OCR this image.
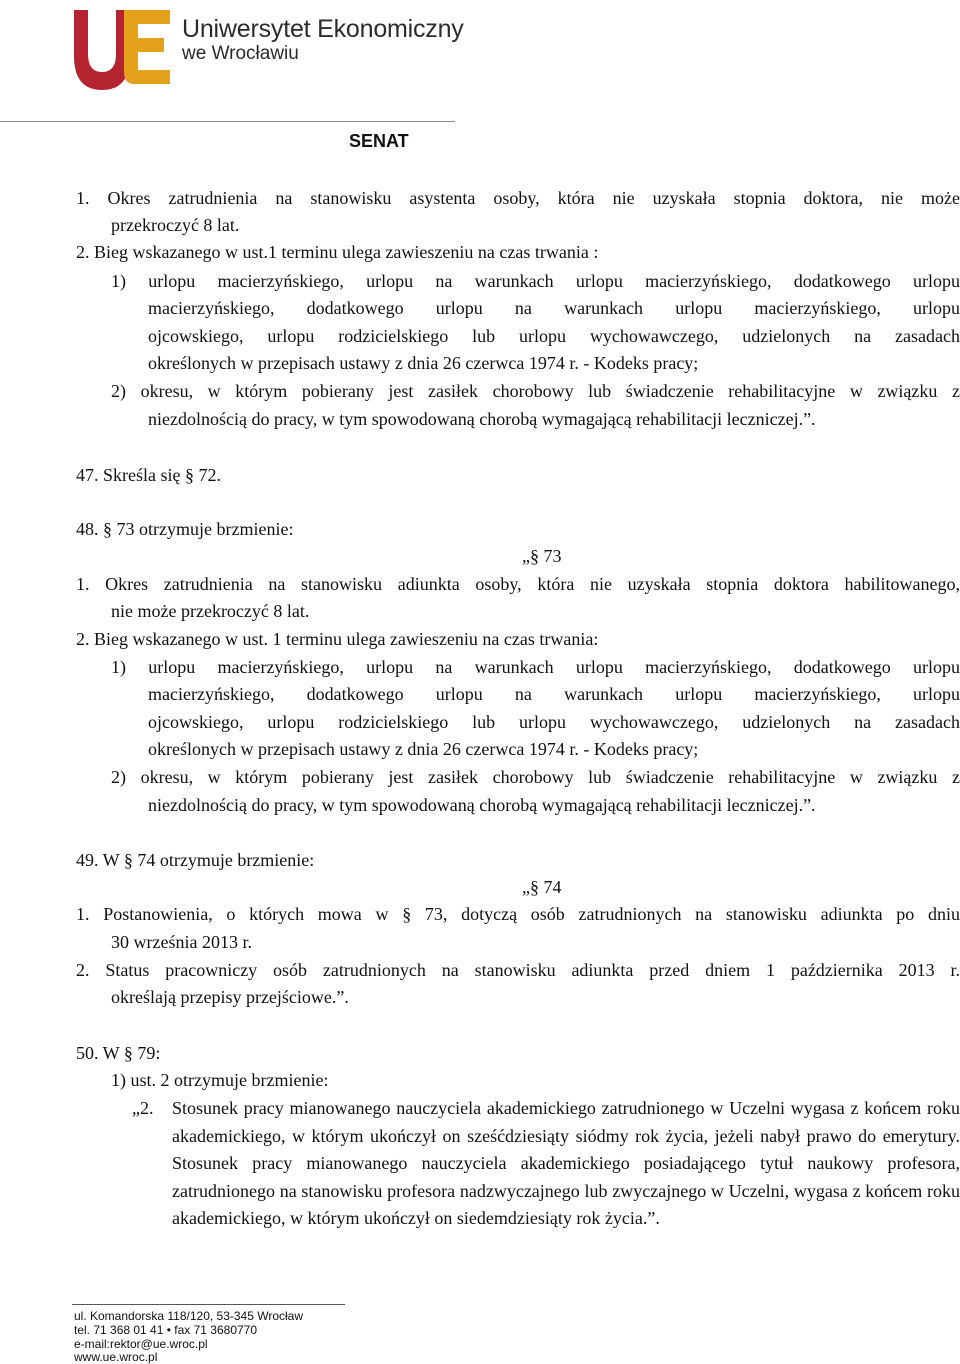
Uniwersytet Ekonomiczny
we Wrocławiu
SENAT
1. Okres zatrudnienia na stanowisku asystenta osoby, która nie uzyskała stopnia doktora, nie może
przekroczyć 8 lat.
2. Bieg wskazanego w ust.1 terminu ulega zawieszeniu na czas trwania :
1) urlopu macierzyńskiego, urlopu na warunkach urlopu macierzyńskiego, dodatkowego urlopu
macierzyńskiego, dodatkowego urlopu na warunkach urlopu macierzyńskiego, urlopu
ojcowskiego, urlopu rodzicielskiego lub urlopu wychowawczego, udzielonych na zasadach
określonych w przepisach ustawy z dnia 26 czerwca 1974 r. - Kodeks pracy;
2) okresu, w którym pobierany jest zasiłek chorobowy lub świadczenie rehabilitacyjne w związku z
niezdolnością do pracy, w tym spowodowaną chorobą wymagającą rehabilitacji leczniczej.”.
47. Skreśla się § 72.
48. § 73 otrzymuje brzmienie:
„§ 73
1. Okres zatrudnienia na stanowisku adiunkta osoby, która nie uzyskała stopnia doktora habilitowanego,
nie może przekroczyć 8 lat.
2. Bieg wskazanego w ust. 1 terminu ulega zawieszeniu na czas trwania:
1) urlopu macierzyńskiego, urlopu na warunkach urlopu macierzyńskiego, dodatkowego urlopu
macierzyńskiego, dodatkowego urlopu na warunkach urlopu macierzyńskiego, urlopu
ojcowskiego, urlopu rodzicielskiego lub urlopu wychowawczego, udzielonych na zasadach
określonych w przepisach ustawy z dnia 26 czerwca 1974 r. - Kodeks pracy;
2) okresu, w którym pobierany jest zasiłek chorobowy lub świadczenie rehabilitacyjne w związku z
niezdolnością do pracy, w tym spowodowaną chorobą wymagającą rehabilitacji leczniczej.”.
49. W § 74 otrzymuje brzmienie:
„§ 74
1. Postanowienia, o których mowa w § 73, dotyczą osób zatrudnionych na stanowisku adiunkta po dniu
30 września 2013 r.
2. Status pracowniczy osób zatrudnionych na stanowisku adiunkta przed dniem 1 października 2013 r.
określają przepisy przejściowe.”.
50. W § 79:
1) ust. 2 otrzymuje brzmienie:
„2. Stosunek pracy mianowanego nauczyciela akademickiego zatrudnionego w Uczelni wygasa z końcem roku akademickiego, w którym ukończył on sześćdziesiąty siódmy rok życia, jeżeli nabył prawo do emerytury. Stosunek pracy mianowanego nauczyciela akademickiego posiadającego tytuł naukowy profesora, zatrudnionego na stanowisku profesora nadzwyczajnego lub zwyczajnego w Uczelni, wygasa z końcem roku akademickiego, w którym ukończył on siedemdziesiąty rok życia.”.
ul. Komandorska 118/120, 53-345 Wrocław
tel. 71 368 01 41 • fax 71 3680770
e-mail:rektor@ue.wroc.pl
www.ue.wroc.pl
